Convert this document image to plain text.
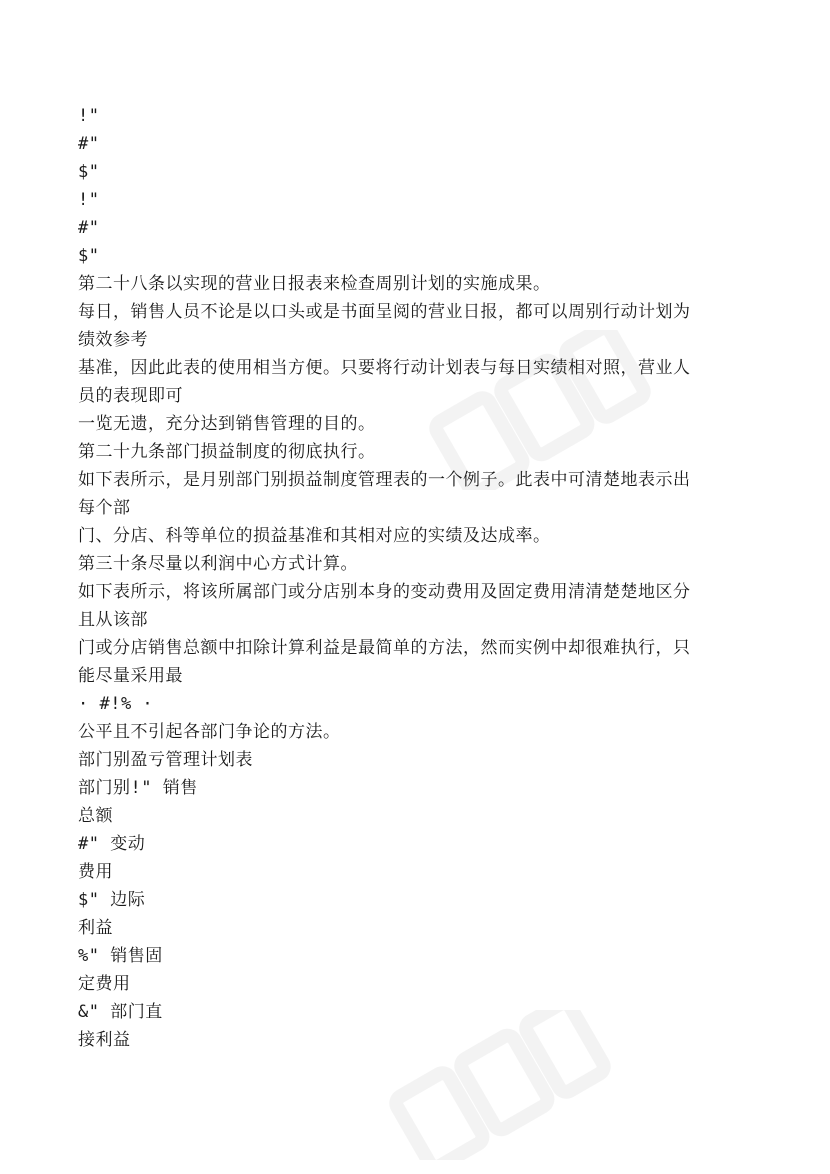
!"
#"
$"
!"
#"
$"
第二十八条以实现的营业日报表来检查周别计划的实施成果。
每日，销售人员不论是以口头或是书面呈阅的营业日报，都可以周别行动计划为
绩效参考
基准，因此此表的使用相当方便。只要将行动计划表与每日实绩相对照，营业人
员的表现即可
一览无遗，充分达到销售管理的目的。
第二十九条部门损益制度的彻底执行。
如下表所示，是月别部门别损益制度管理表的一个例子。此表中可清楚地表示出
每个部
门、分店、科等单位的损益基准和其相对应的实绩及达成率。
第三十条尽量以利润中心方式计算。
如下表所示，将该所属部门或分店别本身的变动费用及固定费用清清楚楚地区分
且从该部
门或分店销售总额中扣除计算利益是最简单的方法，然而实例中却很难执行，只
能尽量采用最
· #!% ·
公平且不引起各部门争论的方法。
部门别盈亏管理计划表
部门别!" 销售
总额
#" 变动
费用
$" 边际
利益
%" 销售固
定费用
&" 部门直
接利益
